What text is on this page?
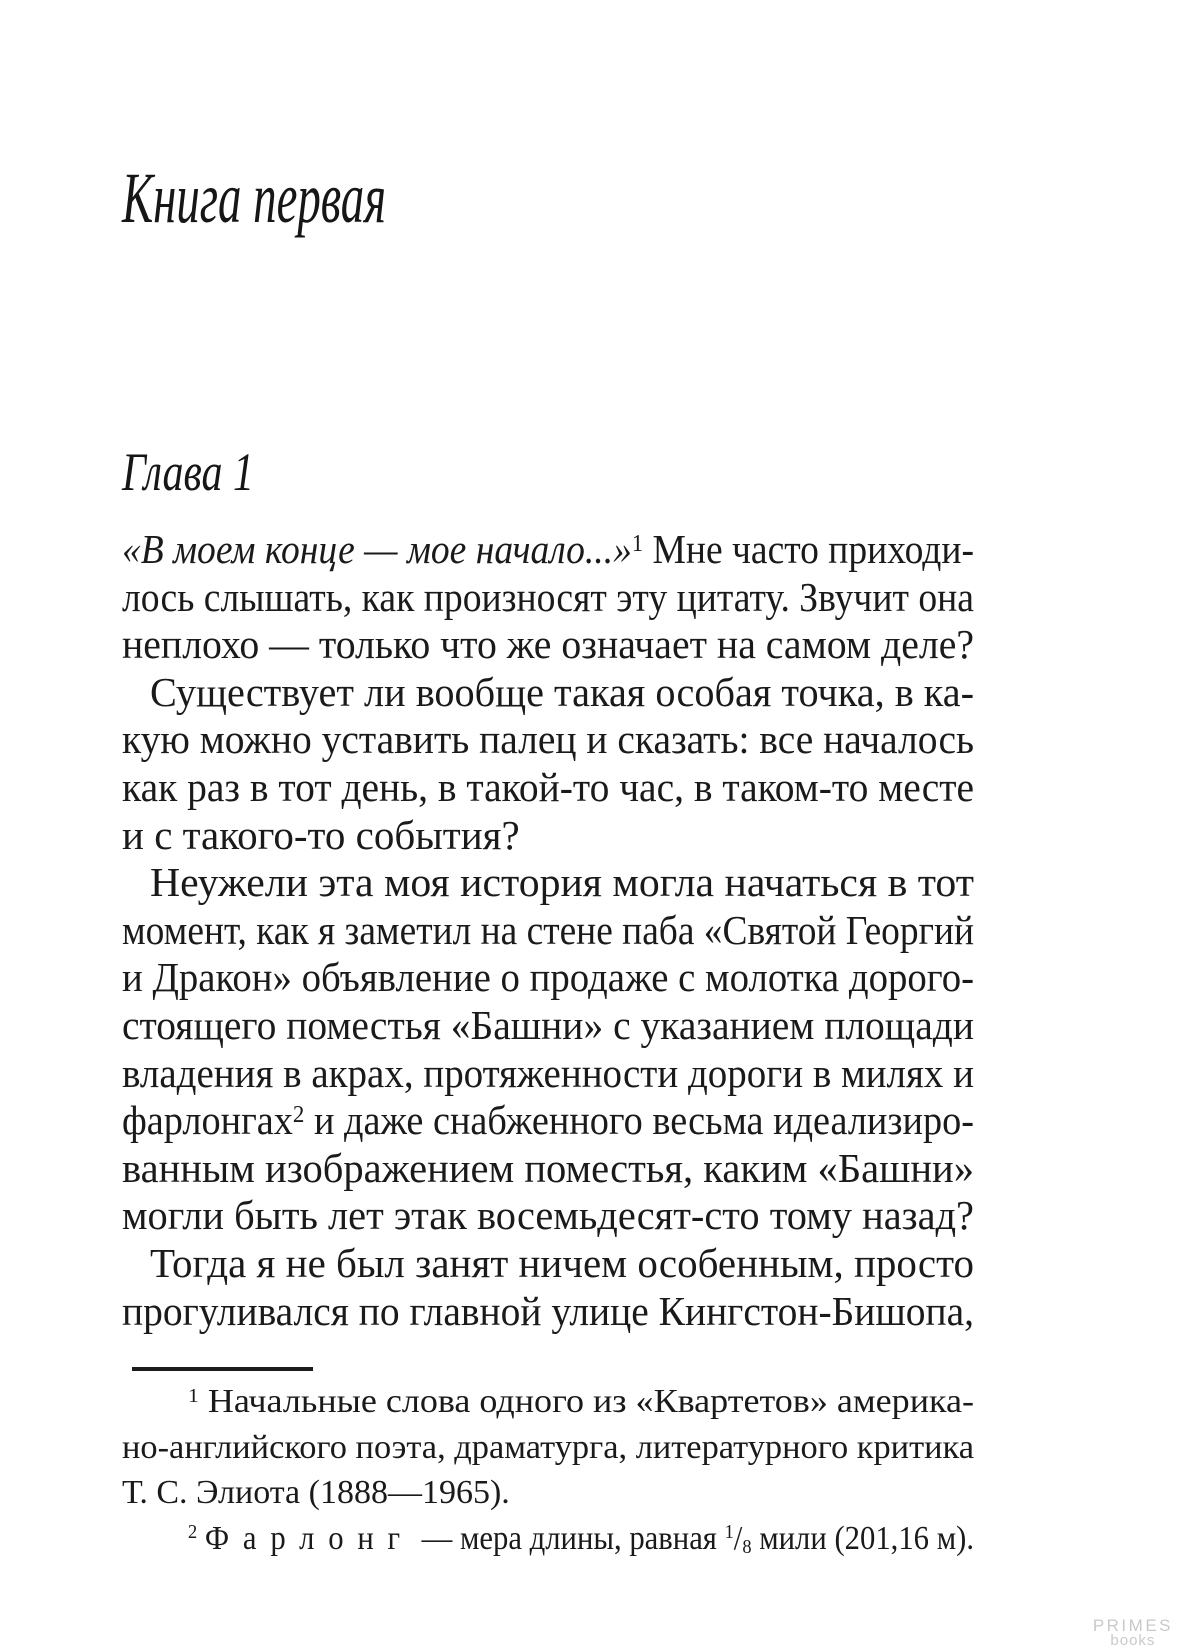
Книга первая
Глава 1
«В моем конце — мое начало...»$^1$ Мне часто приходи-
лось слышать, как произносят эту цитату. Звучит она
неплохо — только что же означает на самом деле?
Существует ли вообще такая особая точка, в ка-
кую можно уставить палец и сказать: все началось
как раз в тот день, в такой-то час, в таком-то месте
и с такого-то события?
Неужели эта моя история могла начаться в тот
момент, как я заметил на стене паба «Святой Георгий
и Дракон» объявление о продаже с молотка дорого-
стоящего поместья «Башни» с указанием площади
владения в акрах, протяженности дороги в милях и
фарлонгах$^2$ и даже снабженного весьма идеализиро-
ванным изображением поместья, каким «Башни»
могли быть лет этак восемьдесят-сто тому назад?
Тогда я не был занят ничем особенным, просто
прогуливался по главной улице Кингстон-Бишопа,
$^1$ Начальные слова одного из «Квартетов» америка-
но-английского поэта, драматурга, литературного критика
Т. С. Элиота (1888—1965).
$^2$ Фарлонг — мера длины, равная $^1/_8$ мили (201,16 м).
PRIMES
books
